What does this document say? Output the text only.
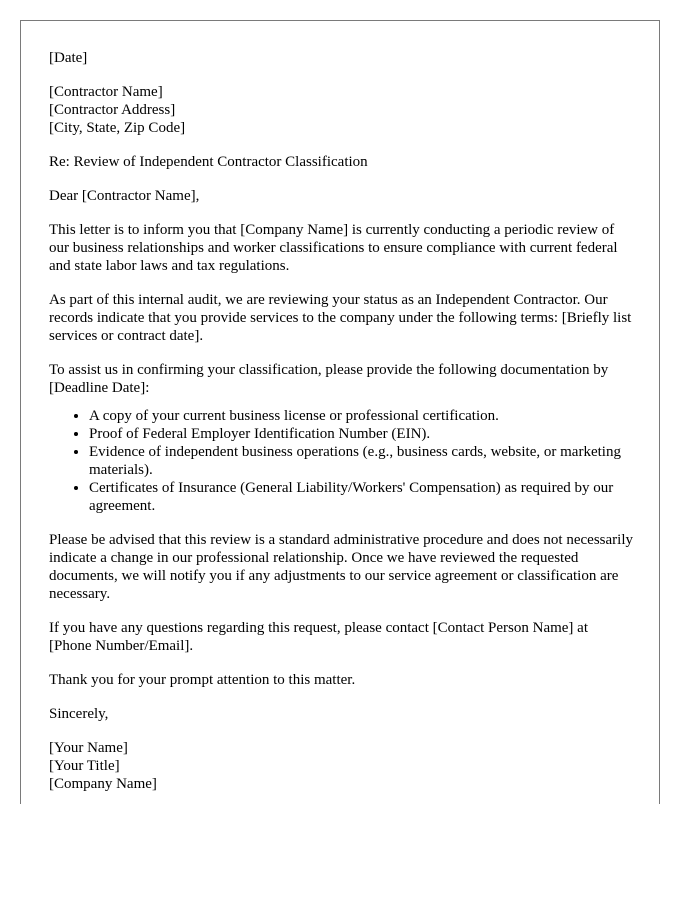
[Date]

[Contractor Name]
[Contractor Address]
[City, State, Zip Code]

Re: Review of Independent Contractor Classification

Dear [Contractor Name],

This letter is to inform you that [Company Name] is currently conducting a periodic review of our business relationships and worker classifications to ensure compliance with current federal and state labor laws and tax regulations.

As part of this internal audit, we are reviewing your status as an Independent Contractor. Our records indicate that you provide services to the company under the following terms: [Briefly list services or contract date].

To assist us in confirming your classification, please provide the following documentation by [Deadline Date]:

• A copy of your current business license or professional certification.
• Proof of Federal Employer Identification Number (EIN).
• Evidence of independent business operations (e.g., business cards, website, or marketing materials).
• Certificates of Insurance (General Liability/Workers' Compensation) as required by our agreement.

Please be advised that this review is a standard administrative procedure and does not necessarily indicate a change in our professional relationship. Once we have reviewed the requested documents, we will notify you if any adjustments to our service agreement or classification are necessary.

If you have any questions regarding this request, please contact [Contact Person Name] at [Phone Number/Email].

Thank you for your prompt attention to this matter.

Sincerely,

[Your Name]
[Your Title]
[Company Name]
